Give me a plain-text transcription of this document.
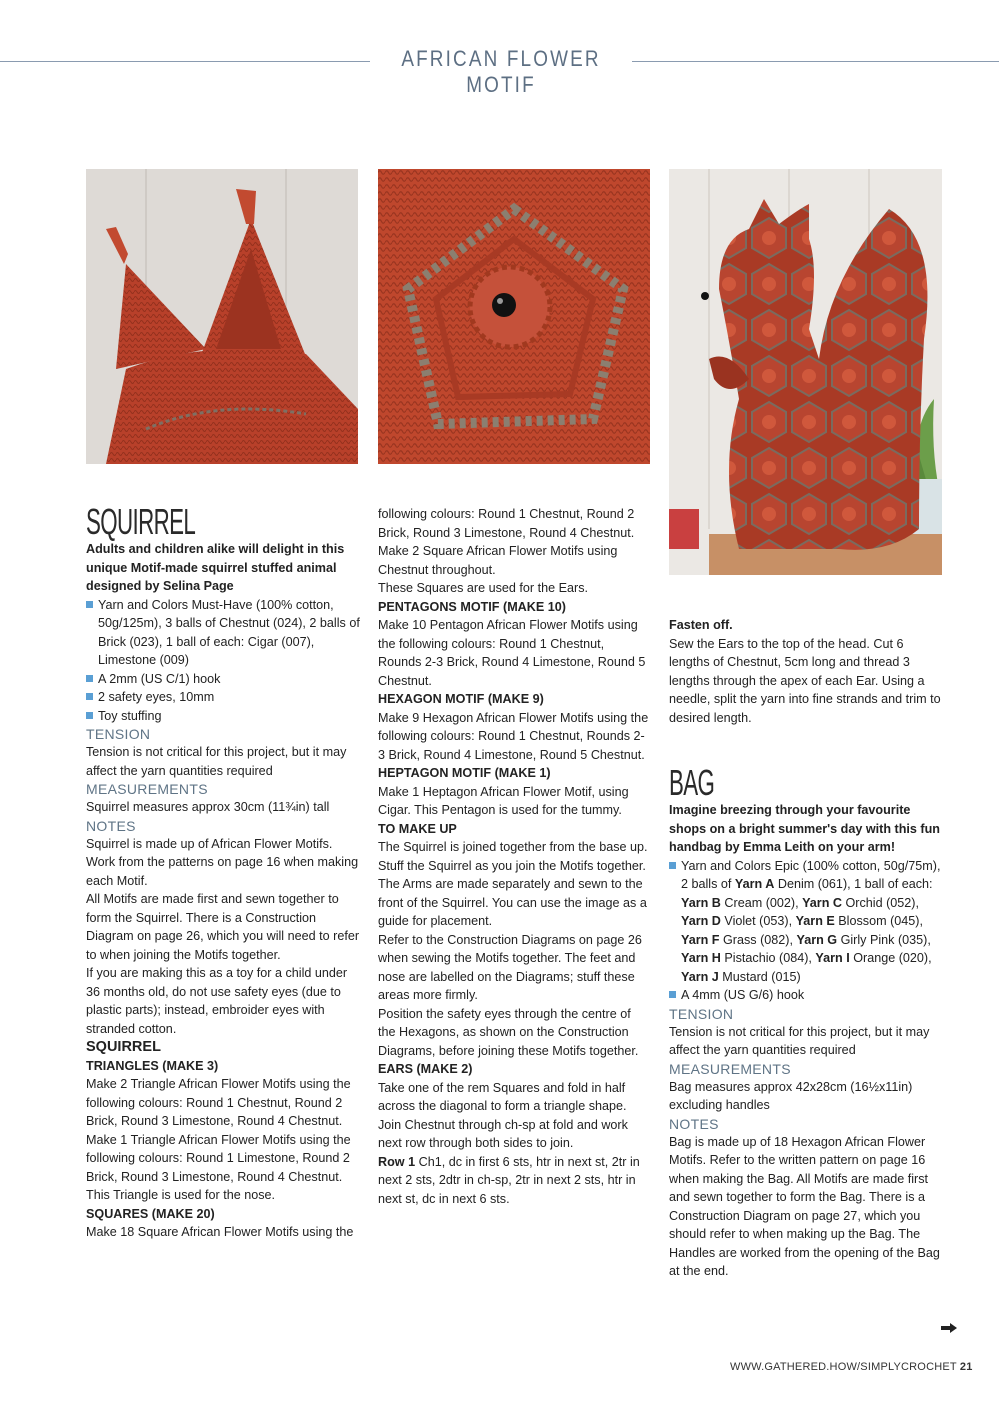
AFRICAN FLOWER MOTIF
SQUIRREL

Adults and children alike will delight in this unique Motif-made squirrel stuffed animal designed by Selina Page

Yarn and Colors Must-Have (100% cotton, 50g/125m), 3 balls of Chestnut (024), 2 balls of Brick (023), 1 ball of each: Cigar (007), Limestone (009)
A 2mm (US C/1) hook
2 safety eyes, 10mm
Toy stuffing

TENSION

Tension is not critical for this project, but it may affect the yarn quantities required

MEASUREMENTS

Squirrel measures approx 30cm (11¾in) tall

NOTES

Squirrel is made up of African Flower Motifs. Work from the patterns on page 16 when making each Motif.

All Motifs are made first and sewn together to form the Squirrel. There is a Construction Diagram on page 26, which you will need to refer to when joining the Motifs together.

If you are making this as a toy for a child under 36 months old, do not use safety eyes (due to plastic parts); instead, embroider eyes with stranded cotton.

SQUIRREL

TRIANGLES (MAKE 3)

Make 2 Triangle African Flower Motifs using the following colours: Round 1 Chestnut, Round 2 Brick, Round 3 Limestone, Round 4 Chestnut.

Make 1 Triangle African Flower Motifs using the following colours: Round 1 Limestone, Round 2 Brick, Round 3 Limestone, Round 4 Chestnut.

This Triangle is used for the nose.

SQUARES (MAKE 20)

Make 18 Square African Flower Motifs using the

following colours: Round 1 Chestnut, Round 2 Brick, Round 3 Limestone, Round 4 Chestnut.

Make 2 Square African Flower Motifs using Chestnut throughout.

These Squares are used for the Ears.

PENTAGONS MOTIF (MAKE 10)

Make 10 Pentagon African Flower Motifs using the following colours: Round 1 Chestnut, Rounds 2-3 Brick, Round 4 Limestone, Round 5 Chestnut.

HEXAGON MOTIF (MAKE 9)

Make 9 Hexagon African Flower Motifs using the following colours: Round 1 Chestnut, Rounds 2-3 Brick, Round 4 Limestone, Round 5 Chestnut.

HEPTAGON MOTIF (MAKE 1)

Make 1 Heptagon African Flower Motif, using Cigar. This Pentagon is used for the tummy.

TO MAKE UP

The Squirrel is joined together from the base up. Stuff the Squirrel as you join the Motifs together.

The Arms are made separately and sewn to the front of the Squirrel. You can use the image as a guide for placement.

Refer to the Construction Diagrams on page 26 when sewing the Motifs together. The feet and nose are labelled on the Diagrams; stuff these areas more firmly.

Position the safety eyes through the centre of the Hexagons, as shown on the Construction Diagrams, before joining these Motifs together.

EARS (MAKE 2)

Take one of the rem Squares and fold in half across the diagonal to form a triangle shape. Join Chestnut through ch-sp at fold and work next row through both sides to join.

Row 1 Ch1, dc in first 6 sts, htr in next st, 2tr in next 2 sts, 2dtr in ch-sp, 2tr in next 2 sts, htr in next st, dc in next 6 sts.

Fasten off.

Sew the Ears to the top of the head. Cut 6 lengths of Chestnut, 5cm long and thread 3 lengths through the apex of each Ear. Using a needle, split the yarn into fine strands and trim to desired length.

BAG

Imagine breezing through your favourite shops on a bright summer's day with this fun handbag by Emma Leith on your arm!

Yarn and Colors Epic (100% cotton, 50g/75m), 2 balls of Yarn A Denim (061), 1 ball of each: Yarn B Cream (002), Yarn C Orchid (052), Yarn D Violet (053), Yarn E Blossom (045), Yarn F Grass (082), Yarn G Girly Pink (035), Yarn H Pistachio (084), Yarn I Orange (020), Yarn J Mustard (015)
A 4mm (US G/6) hook

TENSION

Tension is not critical for this project, but it may affect the yarn quantities required

MEASUREMENTS

Bag measures approx 42x28cm (16½x11in) excluding handles

NOTES

Bag is made up of 18 Hexagon African Flower Motifs. Refer to the written pattern on page 16 when making the Bag. All Motifs are made first and sewn together to form the Bag. There is a Construction Diagram on page 27, which you should refer to when making up the Bag. The Handles are worked from the opening of the Bag at the end.

WWW.GATHERED.HOW/SIMPLYCROCHET 21
